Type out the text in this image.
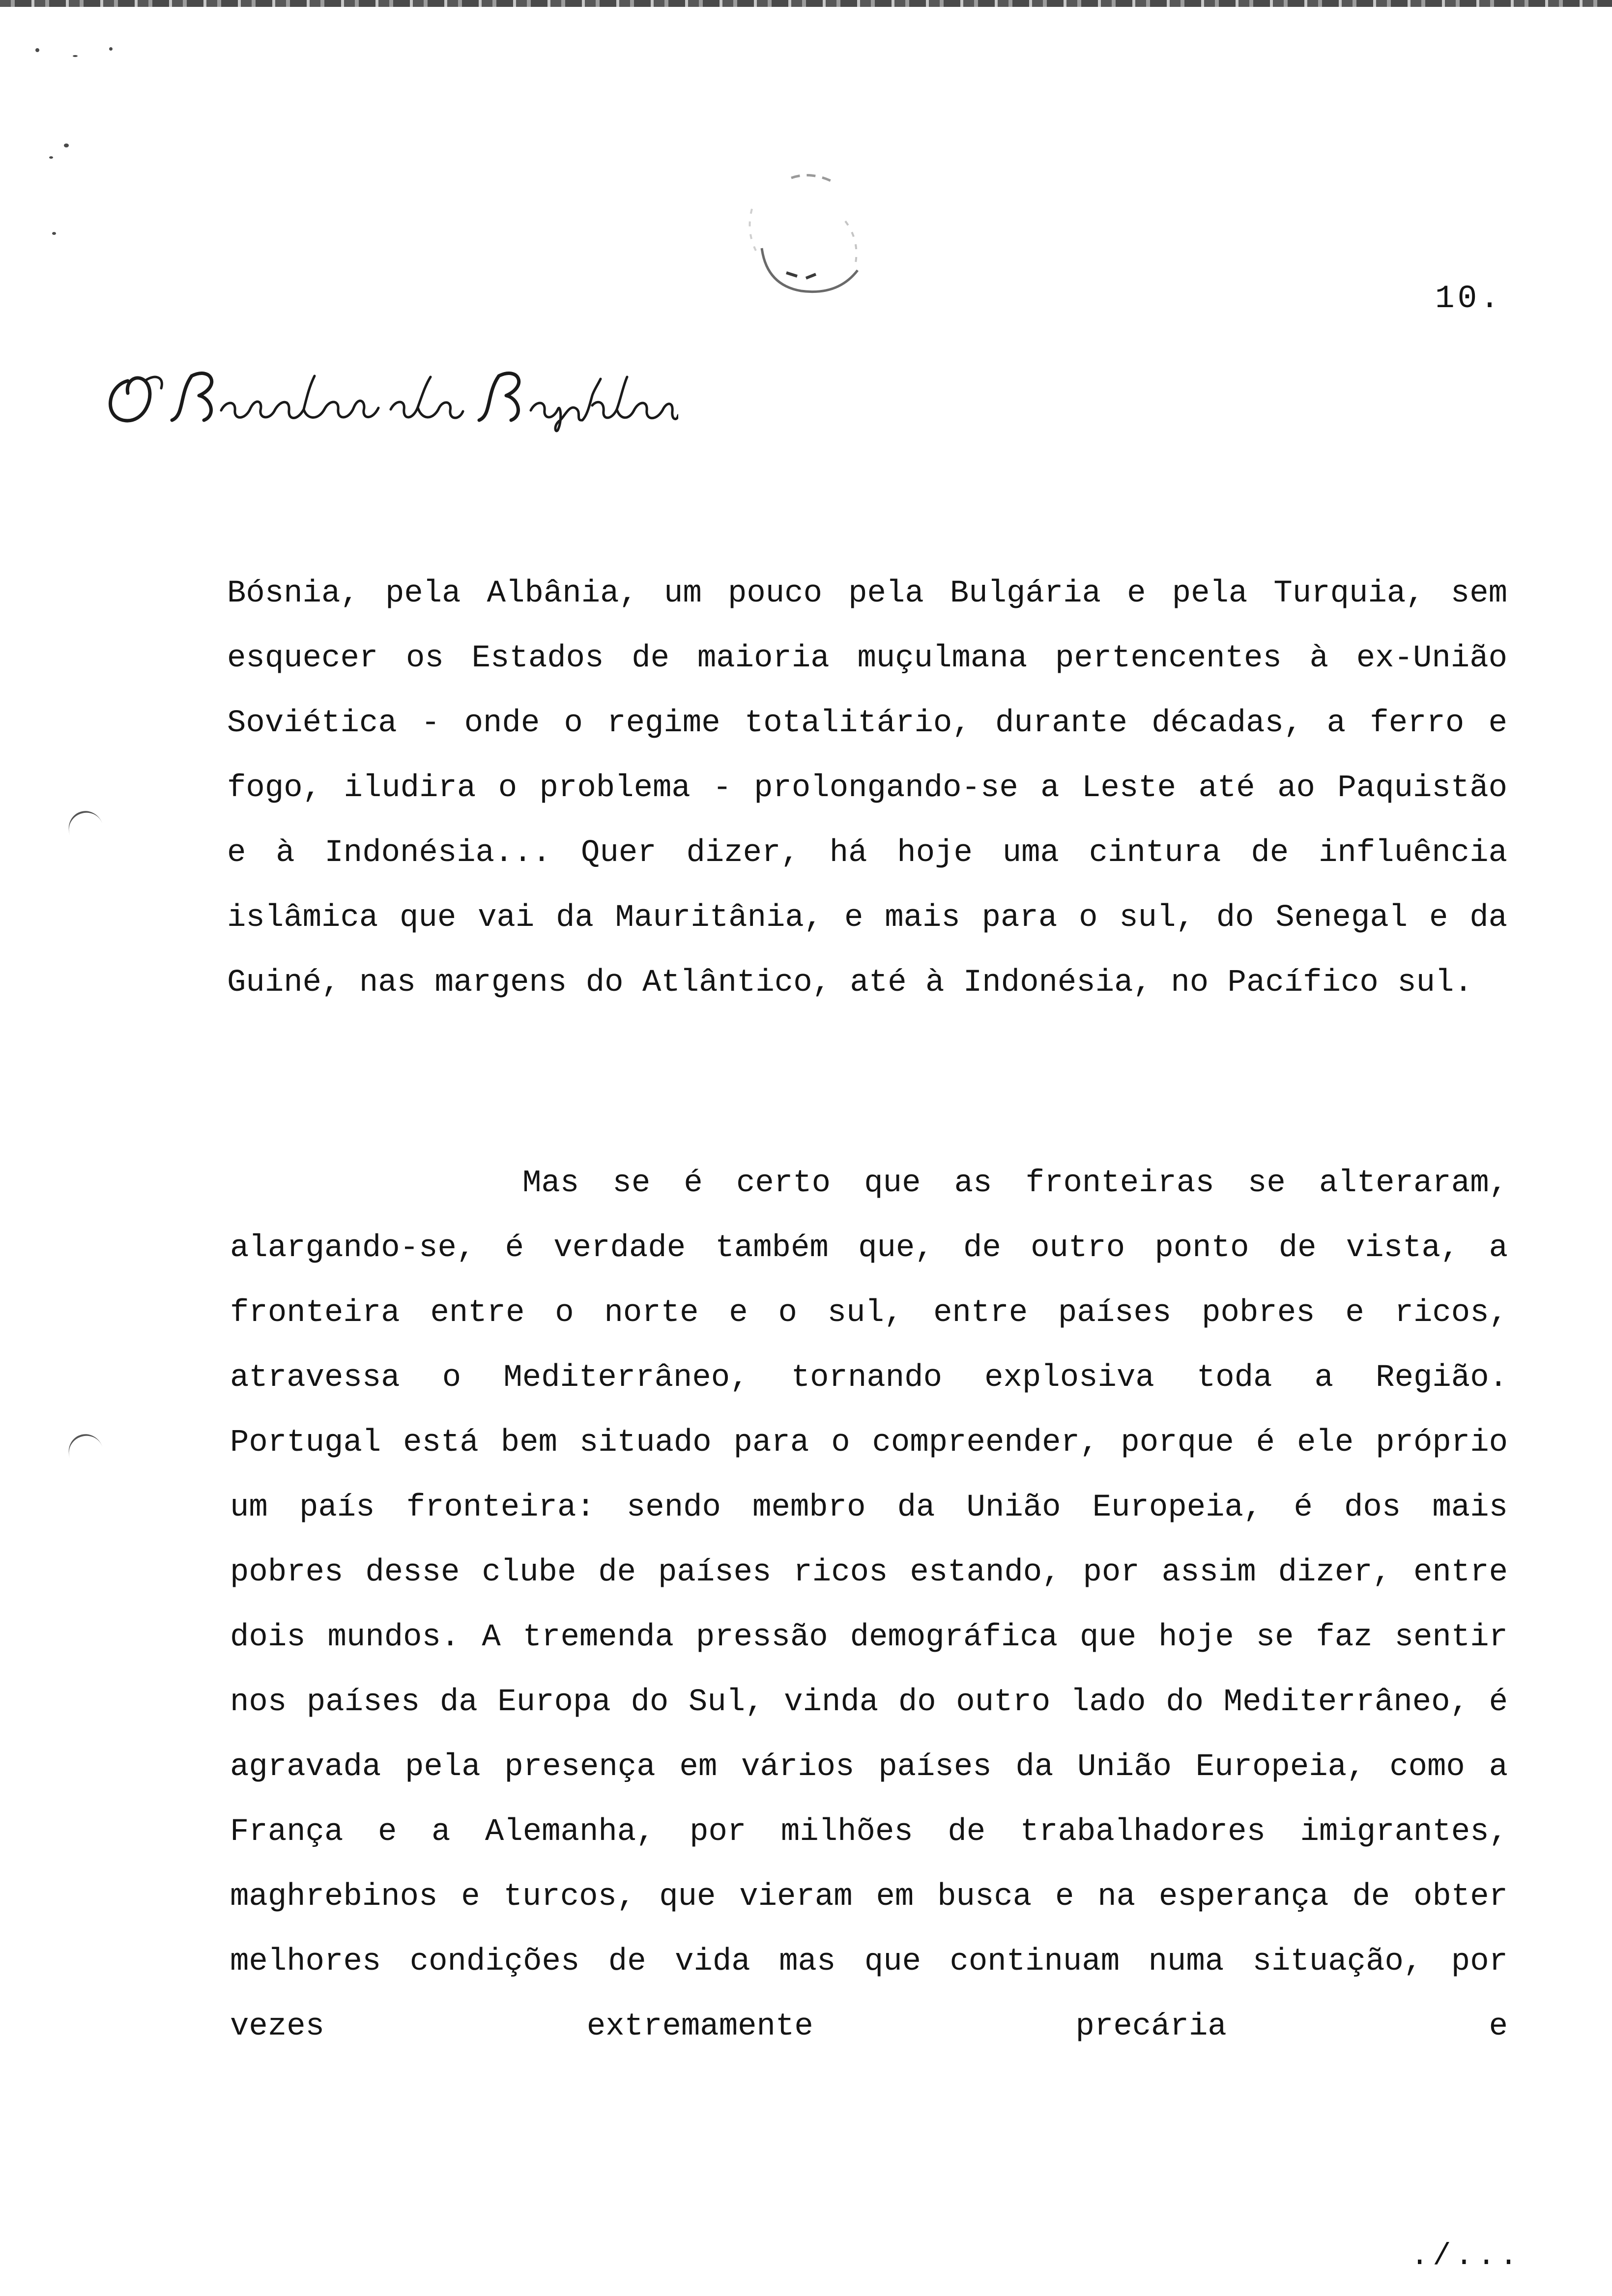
10.

Bósnia, pela Albânia, um pouco pela Bulgária e pela Turquia, sem esquecer os Estados de maioria muçulmana pertencentes à ex-União Soviética - onde o regime totalitário, durante décadas, a ferro e fogo, iludira o problema - prolongando-se a Leste até ao Paquistão e à Indonésia... Quer dizer, há hoje uma cintura de influência islâmica que vai da Mauritânia, e mais para o sul, do Senegal e da Guiné, nas margens do Atlântico, até à Indonésia, no Pacífico sul.

Mas se é certo que as fronteiras se alteraram, alargando-se, é verdade também que, de outro ponto de vista, a fronteira entre o norte e o sul, entre países pobres e ricos, atravessa o Mediterrâneo, tornando explosiva toda a Região. Portugal está bem situado para o compreender, porque é ele próprio um país fronteira: sendo membro da União Europeia, é dos mais pobres desse clube de países ricos estando, por assim dizer, entre dois mundos. A tremenda pressão demográfica que hoje se faz sentir nos países da Europa do Sul, vinda do outro lado do Mediterrâneo, é agravada pela presença em vários países da União Europeia, como a França e a Alemanha, por milhões de trabalhadores imigrantes, maghrebinos e turcos, que vieram em busca e na esperança de obter melhores condições de vida mas que continuam numa situação, por vezes extremamente precária e

./...
